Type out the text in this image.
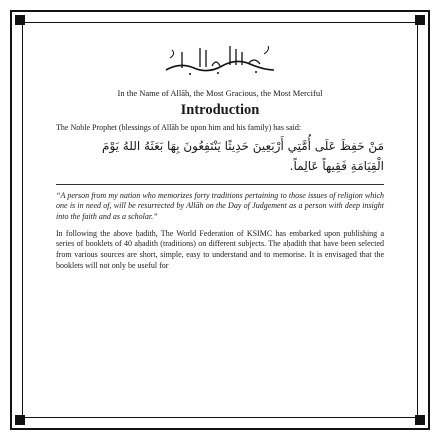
In the Name of Allāh, the Most Gracious, the Most Merciful
Introduction
The Noble Prophet (blessings of Allāh be upon him and his family) has said:
مَنْ حَفِظَ عَلَى أُمَّتِي أَرْبَعِينَ حَدِيثًا يَنْتَفِعُونَ بِهَا بَعَثَهُ اللهُ يَوْمَ
الْقِيَامَةِ فَقِيهاً عَالِماً.
“A person from my nation who memorizes forty traditions pertaining to those issues of religion which one is in need of, will be resurrected by Allāh on the Day of Judgement as a person with deep insight into the faith and as a scholar.”
In following the above ḥadith, The World Federation of KSIMC has embarked upon publishing a series of booklets of 40 aḥadith (traditions) on different subjects. The aḥadith that have been selected from various sources are short, simple, easy to understand and to memorise. It is envisaged that the booklets will not only be useful for
